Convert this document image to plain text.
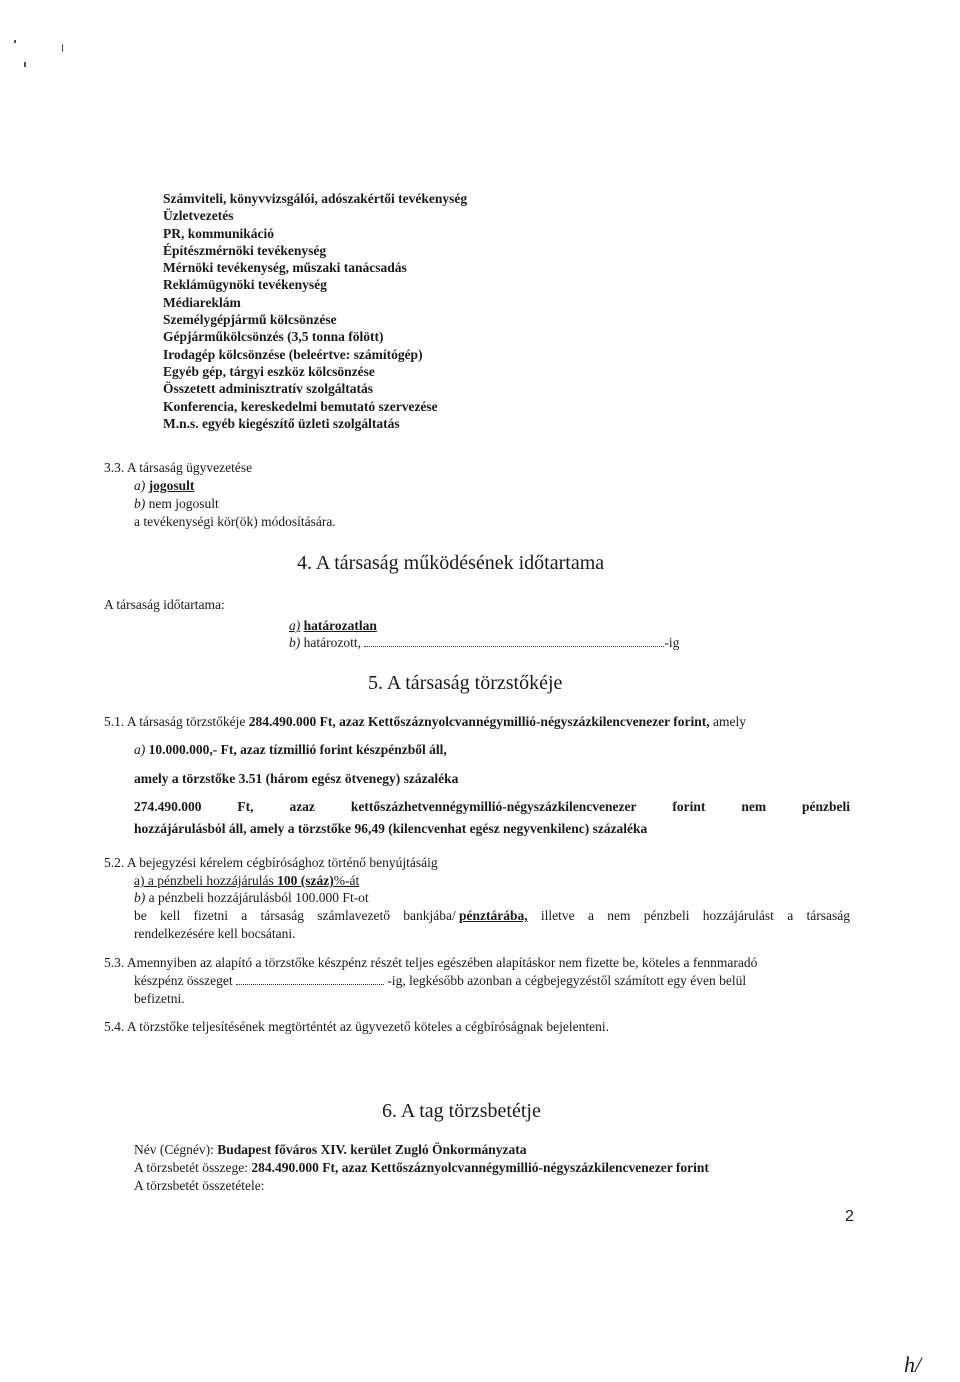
Számviteli, könyvvizsgálói, adószakértői tevékenység
Üzletvezetés
PR, kommunikáció
Építészmérnöki tevékenység
Mérnöki tevékenység, műszaki tanácsadás
Reklámügynöki tevékenység
Médiareklám
Személygépjármű kölcsönzése
Gépjárműkölcsönzés (3,5 tonna fölött)
Irodagép kölcsönzése (beleértve: számítógép)
Egyéb gép, tárgyi eszköz kölcsönzése
Összetett adminisztratív szolgáltatás
Konferencia, kereskedelmi bemutató szervezése
M.n.s. egyéb kiegészítő üzleti szolgáltatás
3.3. A társaság ügyvezetése
a) jogosult
b) nem jogosult
a tevékenységi kör(ök) módosítására.
4. A társaság működésének időtartama
A társaság időtartama:
a) határozatlan
b) határozott,	-ig
5. A társaság törzstőkéje
5.1. A társaság törzstőkéje 284.490.000 Ft, azaz Kettőszáznyolcvannégymillió-négyszázkilencvenezer forint, amely
a) 10.000.000,- Ft, azaz tízmillió forint készpénzből áll,
amely a törzstőke 3.51 (három egész ötvenegy) százaléka
274.490.000	Ft,	azaz	kettőszázhetvennégymillió-négyszázkilencvenezer	forint	nem	pénzbeli
hozzájárulásból áll, amely a törzstőke 96,49 (kilencvenhat egész negyvenkilenc) százaléka
5.2. A bejegyzési kérelem cégbírósághoz történő benyújtásáig
a) a pénzbeli hozzájárulás 100 (száz)%-át
b) a pénzbeli hozzájárulásból 100.000 Ft-ot
be kell fizetni a társaság számlavezető bankjába/ pénztárába, illetve a nem pénzbeli hozzájárulást a társaság
rendelkezésére kell bocsátani.
5.3. Amennyiben az alapító a törzstőke készpénz részét teljes egészében alapításkor nem fizette be, köteles a fennmaradó
készpénz összeget	-ig, legkésőbb azonban a cégbejegyzéstől számított egy éven belül
befizetni.
5.4. A törzstőke teljesítésének megtörténtét az ügyvezető köteles a cégbíróságnak bejelenteni.
6. A tag törzsbetétje
Név (Cégnév): Budapest főváros XIV. kerület Zugló Önkormányzata
A törzsbetét összege: 284.490.000 Ft, azaz Kettőszáznyolcvannégymillió-négyszázkilencvenezer forint
A törzsbetét összetétele:
2
h/
